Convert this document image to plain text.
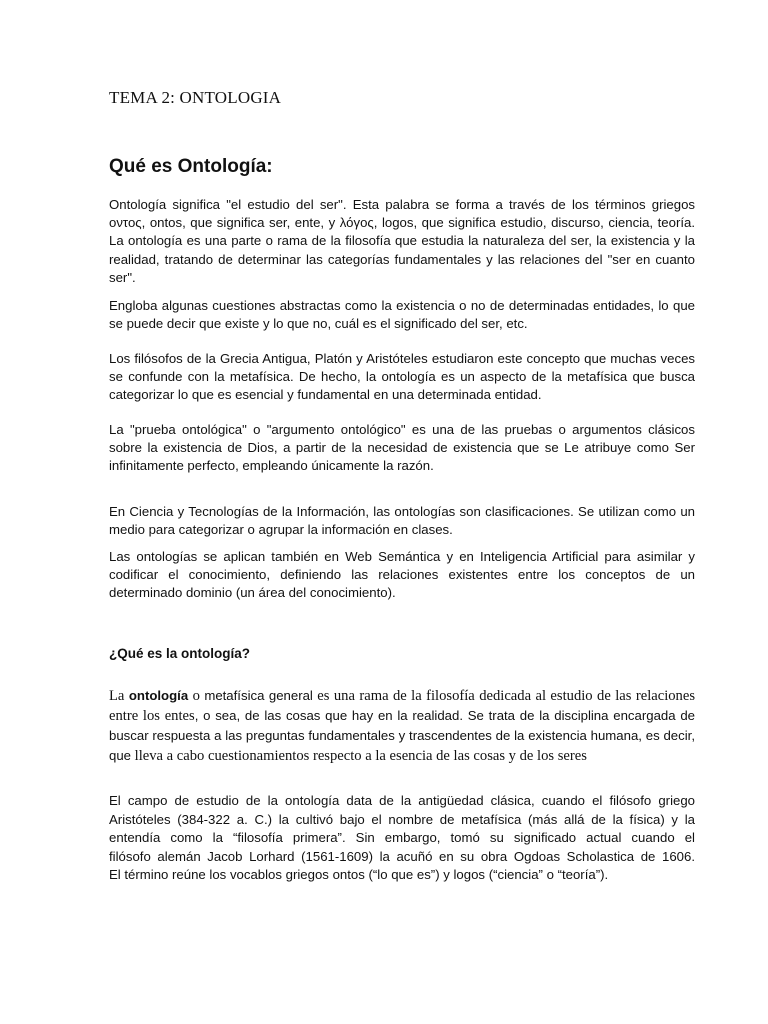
TEMA 2: ONTOLOGIA
Qué es Ontología:

Ontología significa "el estudio del ser". Esta palabra se forma a través de los términos griegos οντος, ontos, que significa ser, ente, y λόγος, logos, que significa estudio, discurso, ciencia, teoría. La ontología es una parte o rama de la filosofía que estudia la naturaleza del ser, la existencia y la realidad, tratando de determinar las categorías fundamentales y las relaciones del "ser en cuanto ser".

Engloba algunas cuestiones abstractas como la existencia o no de determinadas entidades, lo que se puede decir que existe y lo que no, cuál es el significado del ser, etc.

Los filósofos de la Grecia Antigua, Platón y Aristóteles estudiaron este concepto que muchas veces se confunde con la metafísica. De hecho, la ontología es un aspecto de la metafísica que busca categorizar lo que es esencial y fundamental en una determinada entidad.

La "prueba ontológica" o "argumento ontológico" es una de las pruebas o argumentos clásicos sobre la existencia de Dios, a partir de la necesidad de existencia que se Le atribuye como Ser infinitamente perfecto, empleando únicamente la razón.

En Ciencia y Tecnologías de la Información, las ontologías son clasificaciones. Se utilizan como un medio para categorizar o agrupar la información en clases.

Las ontologías se aplican también en Web Semántica y en Inteligencia Artificial para asimilar y codificar el conocimiento, definiendo las relaciones existentes entre los conceptos de un determinado dominio (un área del conocimiento).

¿Qué es la ontología?

La ontología o metafísica general es una rama de la filosofía dedicada al estudio de las relaciones entre los entes, o sea, de las cosas que hay en la realidad. Se trata de la disciplina encargada de buscar respuesta a las preguntas fundamentales y trascendentes de la existencia humana, es decir, que lleva a cabo cuestionamientos respecto a la esencia de las cosas y de los seres

El campo de estudio de la ontología data de la antigüedad clásica, cuando el filósofo griego
Aristóteles (384-322 a. C.) la cultivó bajo el nombre de metafísica (más allá de la física) y la
entendía como la “filosofía primera”. Sin embargo, tomó su significado actual cuando el
filósofo alemán Jacob Lorhard (1561-1609) la acuñó en su obra Ogdoas Scholastica de 1606.
El término reúne los vocablos griegos ontos (“lo que es”) y logos (“ciencia” o “teoría”).
